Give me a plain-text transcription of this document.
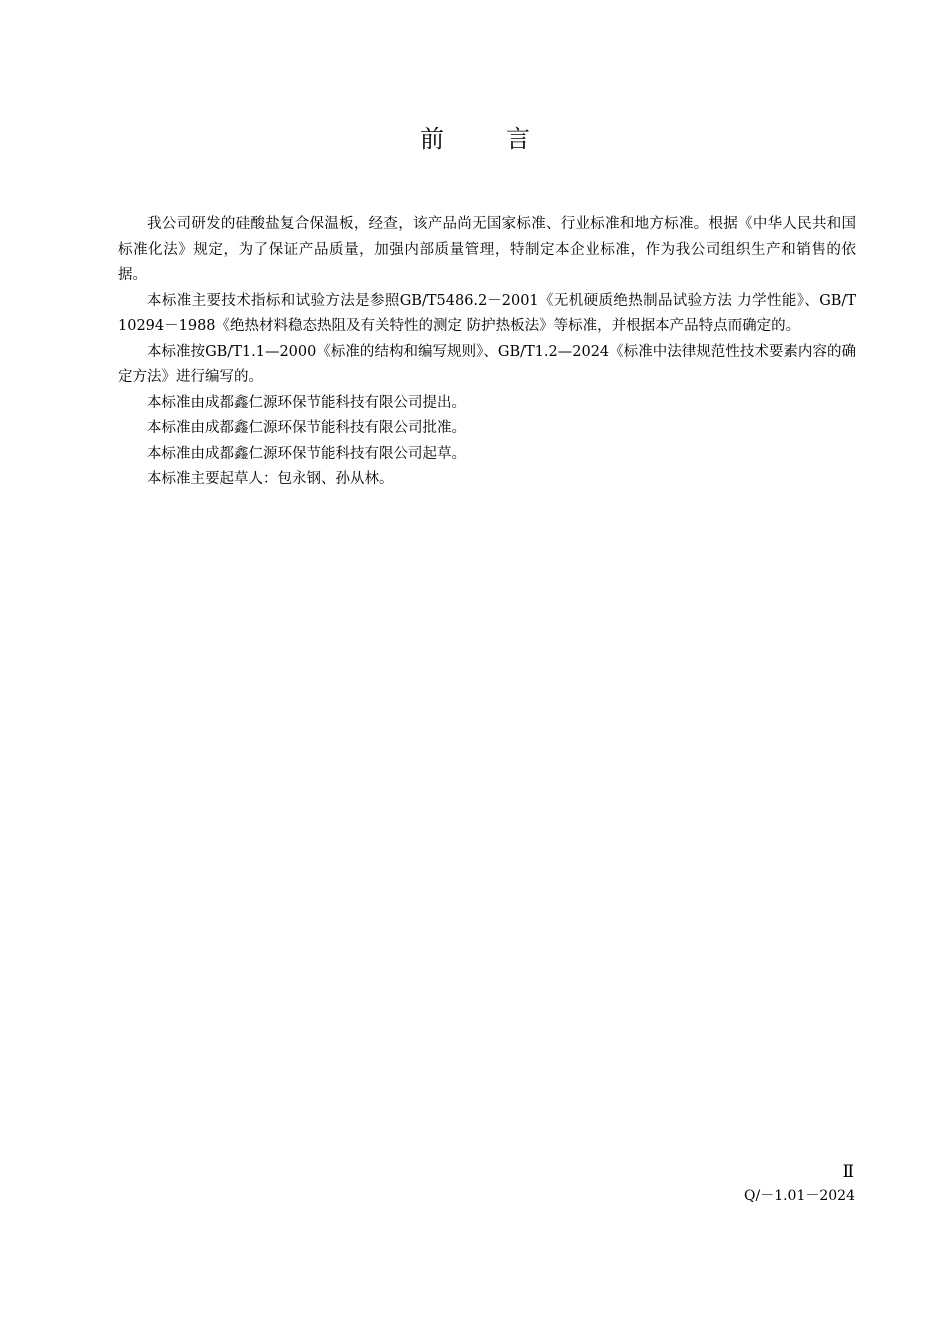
前	言

我公司研发的硅酸盐复合保温板，经查，该产品尚无国家标准、行业标准和地方标准。根据《中华人民共和国标准化法》规定，为了保证产品质量，加强内部质量管理，特制定本企业标准，作为我公司组织生产和销售的依据。

本标准主要技术指标和试验方法是参照GB/T5486.2－2001《无机硬质绝热制品试验方法 力学性能》、GB/T 10294－1988《绝热材料稳态热阻及有关特性的测定 防护热板法》等标准，并根据本产品特点而确定的。

本标准按GB/T1.1—2000《标准的结构和编写规则》、GB/T1.2—2024《标准中法律规范性技术要素内容的确定方法》进行编写的。

本标准由成都鑫仁源环保节能科技有限公司提出。

本标准由成都鑫仁源环保节能科技有限公司批准。

本标准由成都鑫仁源环保节能科技有限公司起草。

本标准主要起草人：包永钢、孙从林。

Ⅱ
Q/－1.01－2024
